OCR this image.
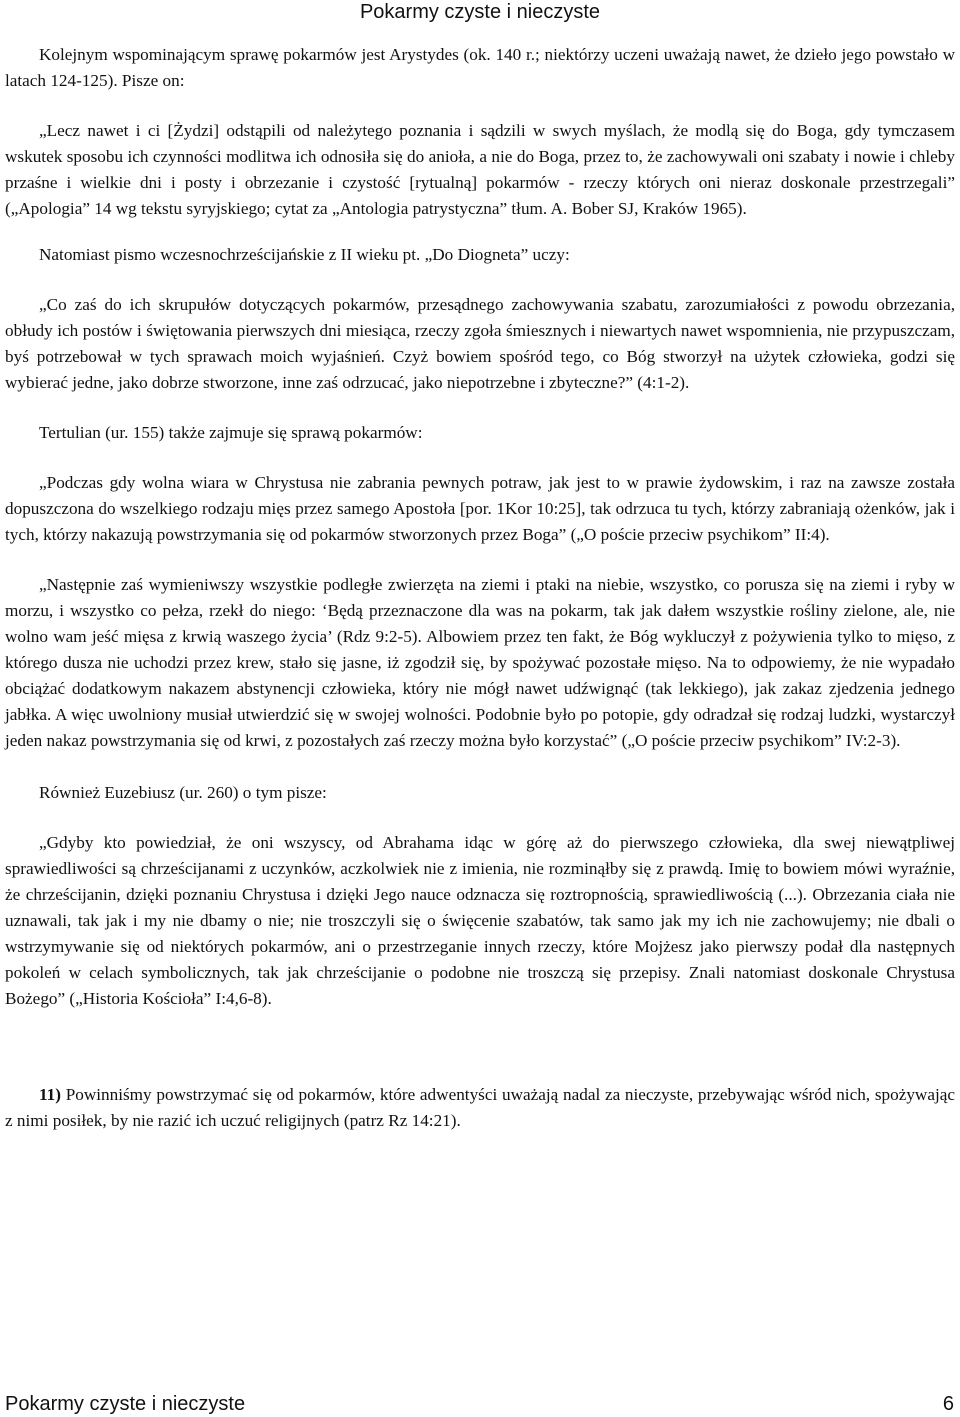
Pokarmy czyste i nieczyste

Kolejnym wspominającym sprawę pokarmów jest Arystydes (ok. 140 r.; niektórzy uczeni uważają nawet, że dzieło jego powstało w latach 124-125). Pisze on:

„Lecz nawet i ci [Żydzi] odstąpili od należytego poznania i sądzili w swych myślach, że modlą się do Boga, gdy tymczasem wskutek sposobu ich czynności modlitwa ich odnosiła się do anioła, a nie do Boga, przez to, że zachowywali oni szabaty i nowie i chleby przaśne i wielkie dni i posty i obrzezanie i czystość [rytualną] pokarmów - rzeczy których oni nieraz doskonale przestrzegali” („Apologia” 14 wg tekstu syryjskiego; cytat za „Antologia patrystyczna” tłum. A. Bober SJ, Kraków 1965).

Natomiast pismo wczesnochrześcijańskie z II wieku pt. „Do Diogneta” uczy:

„Co zaś do ich skrupułów dotyczących pokarmów, przesądnego zachowywania szabatu, zarozumiałości z powodu obrzezania, obłudy ich postów i świętowania pierwszych dni miesiąca, rzeczy zgoła śmiesznych i niewartych nawet wspomnienia, nie przypuszczam, byś potrzebował w tych sprawach moich wyjaśnień. Czyż bowiem spośród tego, co Bóg stworzył na użytek człowieka, godzi się wybierać jedne, jako dobrze stworzone, inne zaś odrzucać, jako niepotrzebne i zbyteczne?” (4:1-2).

Tertulian (ur. 155) także zajmuje się sprawą pokarmów:

„Podczas gdy wolna wiara w Chrystusa nie zabrania pewnych potraw, jak jest to w prawie żydowskim, i raz na zawsze została dopuszczona do wszelkiego rodzaju mięs przez samego Apostoła [por. 1Kor 10:25], tak odrzuca tu tych, którzy zabraniają ożenków, jak i tych, którzy nakazują powstrzymania się od pokarmów stworzonych przez Boga” („O poście przeciw psychikom” II:4).

„Następnie zaś wymieniwszy wszystkie podległe zwierzęta na ziemi i ptaki na niebie, wszystko, co porusza się na ziemi i ryby w morzu, i wszystko co pełza, rzekł do niego: ‘Będą przeznaczone dla was na pokarm, tak jak dałem wszystkie rośliny zielone, ale, nie wolno wam jeść mięsa z krwią waszego życia’ (Rdz 9:2-5). Albowiem przez ten fakt, że Bóg wykluczył z pożywienia tylko to mięso, z którego dusza nie uchodzi przez krew, stało się jasne, iż zgodził się, by spożywać pozostałe mięso. Na to odpowiemy, że nie wypadało obciążać dodatkowym nakazem abstynencji człowieka, który nie mógł nawet udźwignąć (tak lekkiego), jak zakaz zjedzenia jednego jabłka. A więc uwolniony musiał utwierdzić się w swojej wolności. Podobnie było po potopie, gdy odradzał się rodzaj ludzki, wystarczył jeden nakaz powstrzymania się od krwi, z pozostałych zaś rzeczy można było korzystać” („O poście przeciw psychikom” IV:2-3).

Również Euzebiusz (ur. 260) o tym pisze:

„Gdyby kto powiedział, że oni wszyscy, od Abrahama idąc w górę aż do pierwszego człowieka, dla swej niewątpliwej sprawiedliwości są chrześcijanami z uczynków, aczkolwiek nie z imienia, nie rozminąłby się z prawdą. Imię to bowiem mówi wyraźnie, że chrześcijanin, dzięki poznaniu Chrystusa i dzięki Jego nauce odznacza się roztropnością, sprawiedliwością (...). Obrzezania ciała nie uznawali, tak jak i my nie dbamy o nie; nie troszczyli się o święcenie szabatów, tak samo jak my ich nie zachowujemy; nie dbali o wstrzymywanie się od niektórych pokarmów, ani o przestrzeganie innych rzeczy, które Mojżesz jako pierwszy podał dla następnych pokoleń w celach symbolicznych, tak jak chrześcijanie o podobne nie troszczą się przepisy. Znali natomiast doskonale Chrystusa Bożego” („Historia Kościoła” I:4,6-8).

11) Powinniśmy powstrzymać się od pokarmów, które adwentyści uważają nadal za nieczyste, przebywając wśród nich, spożywając z nimi posiłek, by nie razić ich uczuć religijnych (patrz Rz 14:21).

Pokarmy czyste i nieczyste	6
